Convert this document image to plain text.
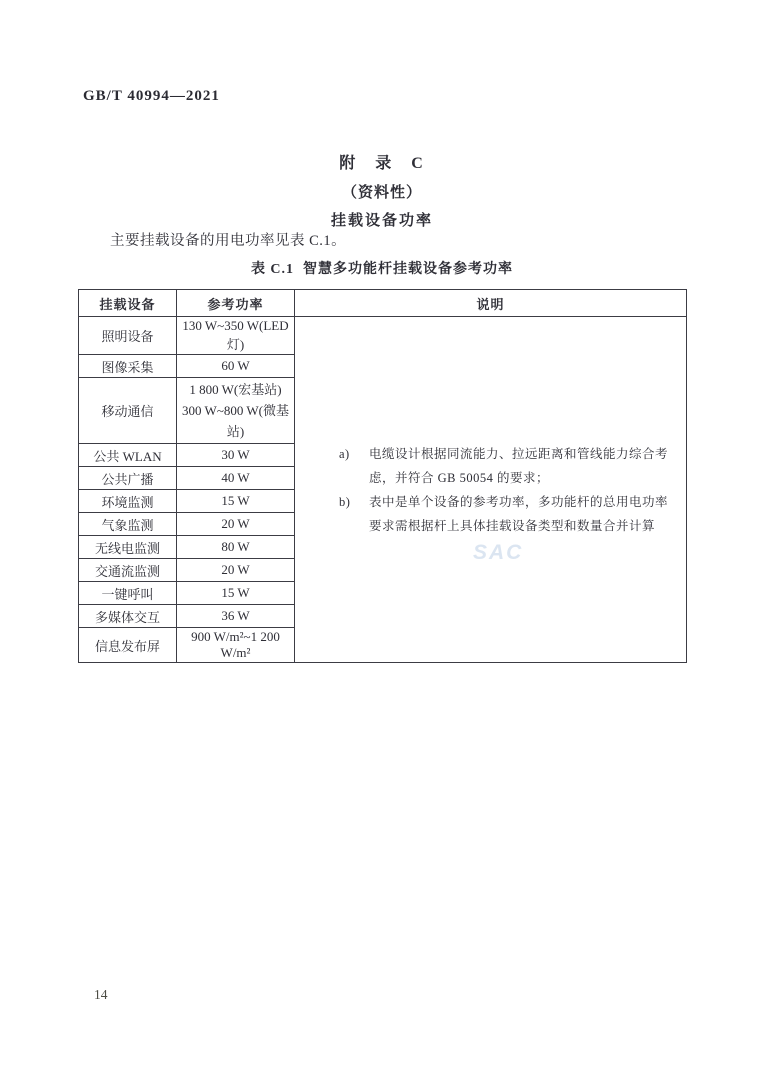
GB/T 40994—2021
附 录 C
（资料性）
挂载设备功率
主要挂载设备的用电功率见表 C.1。
表 C.1  智慧多功能杆挂载设备参考功率
挂载设备	参考功率	说明
照明设备	130 W~350 W(LED 灯)	a) 电缆设计根据同流能力、拉远距离和管线能力综合考虑，并符合 GB 50054 的要求；
b) 表中是单个设备的参考功率，多功能杆的总用电功率要求需根据杆上具体挂载设备类型和数量合并计算
SAC

图像采集	60 W	
移动通信	1 800 W(宏基站)
300 W~800 W(微基站)	

公共 WLAN	30 W	
公共广播	40 W	
环境监测	15 W	
气象监测	20 W	
无线电监测	80 W	
交通流监测	20 W	
一键呼叫	15 W	
多媒体交互	36 W	
信息发布屏	900 W/m²~1 200 W/m²	
14
